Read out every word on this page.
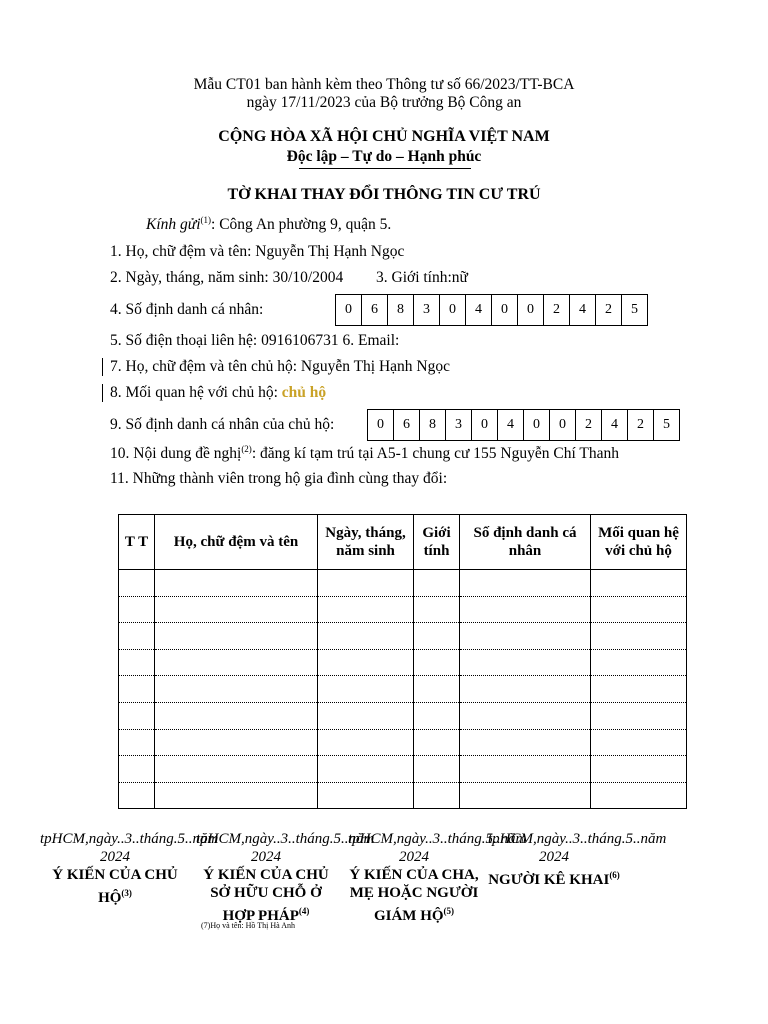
Mẫu CT01 ban hành kèm theo Thông tư số 66/2023/TT-BCA
ngày 17/11/2023 của Bộ trưởng Bộ Công an
CỘNG HÒA XÃ HỘI CHỦ NGHĨA VIỆT NAM
Độc lập – Tự do – Hạnh phúc
TỜ KHAI THAY ĐỔI THÔNG TIN CƯ TRÚ
Kính gửi$^{(1)}$: Công An phường 9, quận 5.
1. Họ, chữ đệm và tên: Nguyễn Thị Hạnh Ngọc
2. Ngày, tháng, năm sinh: 30/10/2004 3. Giới tính:nữ
4. Số định danh cá nhân:	0	6	8	3	0	4	0	0	2	4	2	5
5. Số điện thoại liên hệ: 0916106731 6. Email:
7. Họ, chữ đệm và tên chủ hộ: Nguyễn Thị Hạnh Ngọc
8. Mối quan hệ với chủ hộ: chủ hộ
9. Số định danh cá nhân của chủ hộ:	0	6	8	3	0	4	0	0	2	4	2	5
10. Nội dung đề nghị$^{(2)}$: đăng kí tạm trú tại A5-1 chung cư 155 Nguyễn Chí Thanh
11. Những thành viên trong hộ gia đình cùng thay đổi:
T T	Họ, chữ đệm và tên	Ngày, tháng, năm sinh	Giới tính	Số định danh cá nhân	Mối quan hệ với chủ hộ

tpHCM,ngày..3..tháng.5..năm 2024
Ý KIẾN CỦA CHỦ HỘ$^{(3)}$
tpHCM,ngày..3..tháng.5..năm 2024
Ý KIẾN CỦA CHỦ SỞ HỮU CHỖ Ở HỢP PHÁP$^{(4)}$
(7)Họ và tên: Hồ Thị Hà Anh
tpHCM,ngày..3..tháng.5..năm 2024
Ý KIẾN CỦA CHA, MẸ HOẶC NGƯỜI GIÁM HỘ$^{(5)}$
tpHCM,ngày..3..tháng.5..năm 2024
NGƯỜI KÊ KHAI$^{(6)}$
